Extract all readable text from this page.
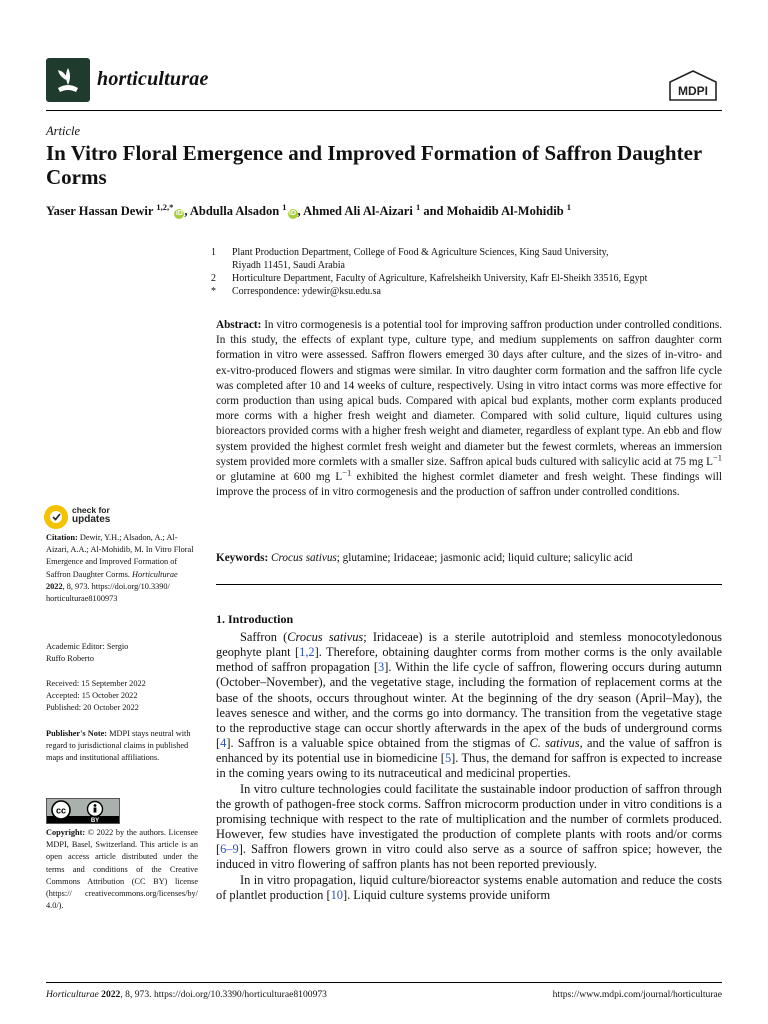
horticulturae
MDPI
Article
In Vitro Floral Emergence and Improved Formation of Saffron Daughter Corms
Yaser Hassan Dewir $^{1,2,*}$iD , Abdulla Alsadon $^1$iD , Ahmed Ali Al-Aizari $^1$ and Mohaidib Al-Mohidib $^1$
1	Plant Production Department, College of Food & Agriculture Sciences, King Saud University,
Riyadh 11451, Saudi Arabia
2	Horticulture Department, Faculty of Agriculture, Kafrelsheikh University, Kafr El-Sheikh 33516, Egypt
*	Correspondence: ydewir@ksu.edu.sa
Abstract: In vitro cormogenesis is a potential tool for improving saffron production under controlled conditions. In this study, the effects of explant type, culture type, and medium supplements on saffron daughter corm formation in vitro were assessed. Saffron flowers emerged 30 days after culture, and the sizes of in-vitro- and ex-vitro-produced flowers and stigmas were similar. In vitro daughter corm formation and the saffron life cycle was completed after 10 and 14 weeks of culture, respectively. Using in vitro intact corms was more effective for corm production than using apical buds. Compared with apical bud explants, mother corm explants produced more corms with a higher fresh weight and diameter. Compared with solid culture, liquid cultures using bioreactors provided corms with a higher fresh weight and diameter, regardless of explant type. An ebb and flow system provided the highest cormlet fresh weight and diameter but the fewest cormlets, whereas an immersion system provided more cormlets with a smaller size. Saffron apical buds cultured with salicylic acid at 75 mg $L^{-1}$ or glutamine at 600 mg $L^{-1}$ exhibited the highest cormlet diameter and fresh weight. These findings will improve the process of in vitro cormogenesis and the production of saffron under controlled conditions.
Keywords: Crocus sativus; glutamine; Iridaceae; jasmonic acid; liquid culture; salicylic acid
check for
updates
Citation: Dewir, Y.H.; Alsadon, A.; Al-Aizari, A.A.; Al-Mohidib, M. In Vitro Floral Emergence and Improved Formation of Saffron Daughter Corms. Horticulturae 2022, 8, 973. https://doi.org/10.3390/ horticulturae8100973
Academic Editor: Sergio
Ruffo Roberto
Received: 15 September 2022
Accepted: 15 October 2022
Published: 20 October 2022
Publisher's Note: MDPI stays neutral with regard to jurisdictional claims in published maps and institutional affiliations.
cc
BY
Copyright: © 2022 by the authors. Licensee MDPI, Basel, Switzerland. This article is an open access article distributed under the terms and conditions of the Creative Commons Attribution (CC BY) license (https:// creativecommons.org/licenses/by/ 4.0/).
1. Introduction

Saffron (Crocus sativus; Iridaceae) is a sterile autotriploid and stemless monocotyledonous geophyte plant [1,2]. Therefore, obtaining daughter corms from mother corms is the only available method of saffron propagation [3]. Within the life cycle of saffron, flowering occurs during autumn (October–November), and the vegetative stage, including the formation of replacement corms at the base of the shoots, occurs throughout winter. At the beginning of the dry season (April–May), the leaves senesce and wither, and the corms go into dormancy. The transition from the vegetative stage to the reproductive stage can occur shortly afterwards in the apex of the buds of underground corms [4]. Saffron is a valuable spice obtained from the stigmas of C. sativus, and the value of saffron is enhanced by its potential use in biomedicine [5]. Thus, the demand for saffron is expected to increase in the coming years owing to its nutraceutical and medicinal properties.

In vitro culture technologies could facilitate the sustainable indoor production of saffron through the growth of pathogen-free stock corms. Saffron microcorm production under in vitro conditions is a promising technique with respect to the rate of multiplication and the number of cormlets produced. However, few studies have investigated the production of complete plants with roots and/or corms [6–9]. Saffron flowers grown in vitro could also serve as a source of saffron spice; however, the induced in vitro flowering of saffron plants has not been reported previously.

In in vitro propagation, liquid culture/bioreactor systems enable automation and reduce the costs of plantlet production [10]. Liquid culture systems provide uniform

Horticulturae 2022, 8, 973. https://doi.org/10.3390/horticulturae8100973	https://www.mdpi.com/journal/horticulturae
